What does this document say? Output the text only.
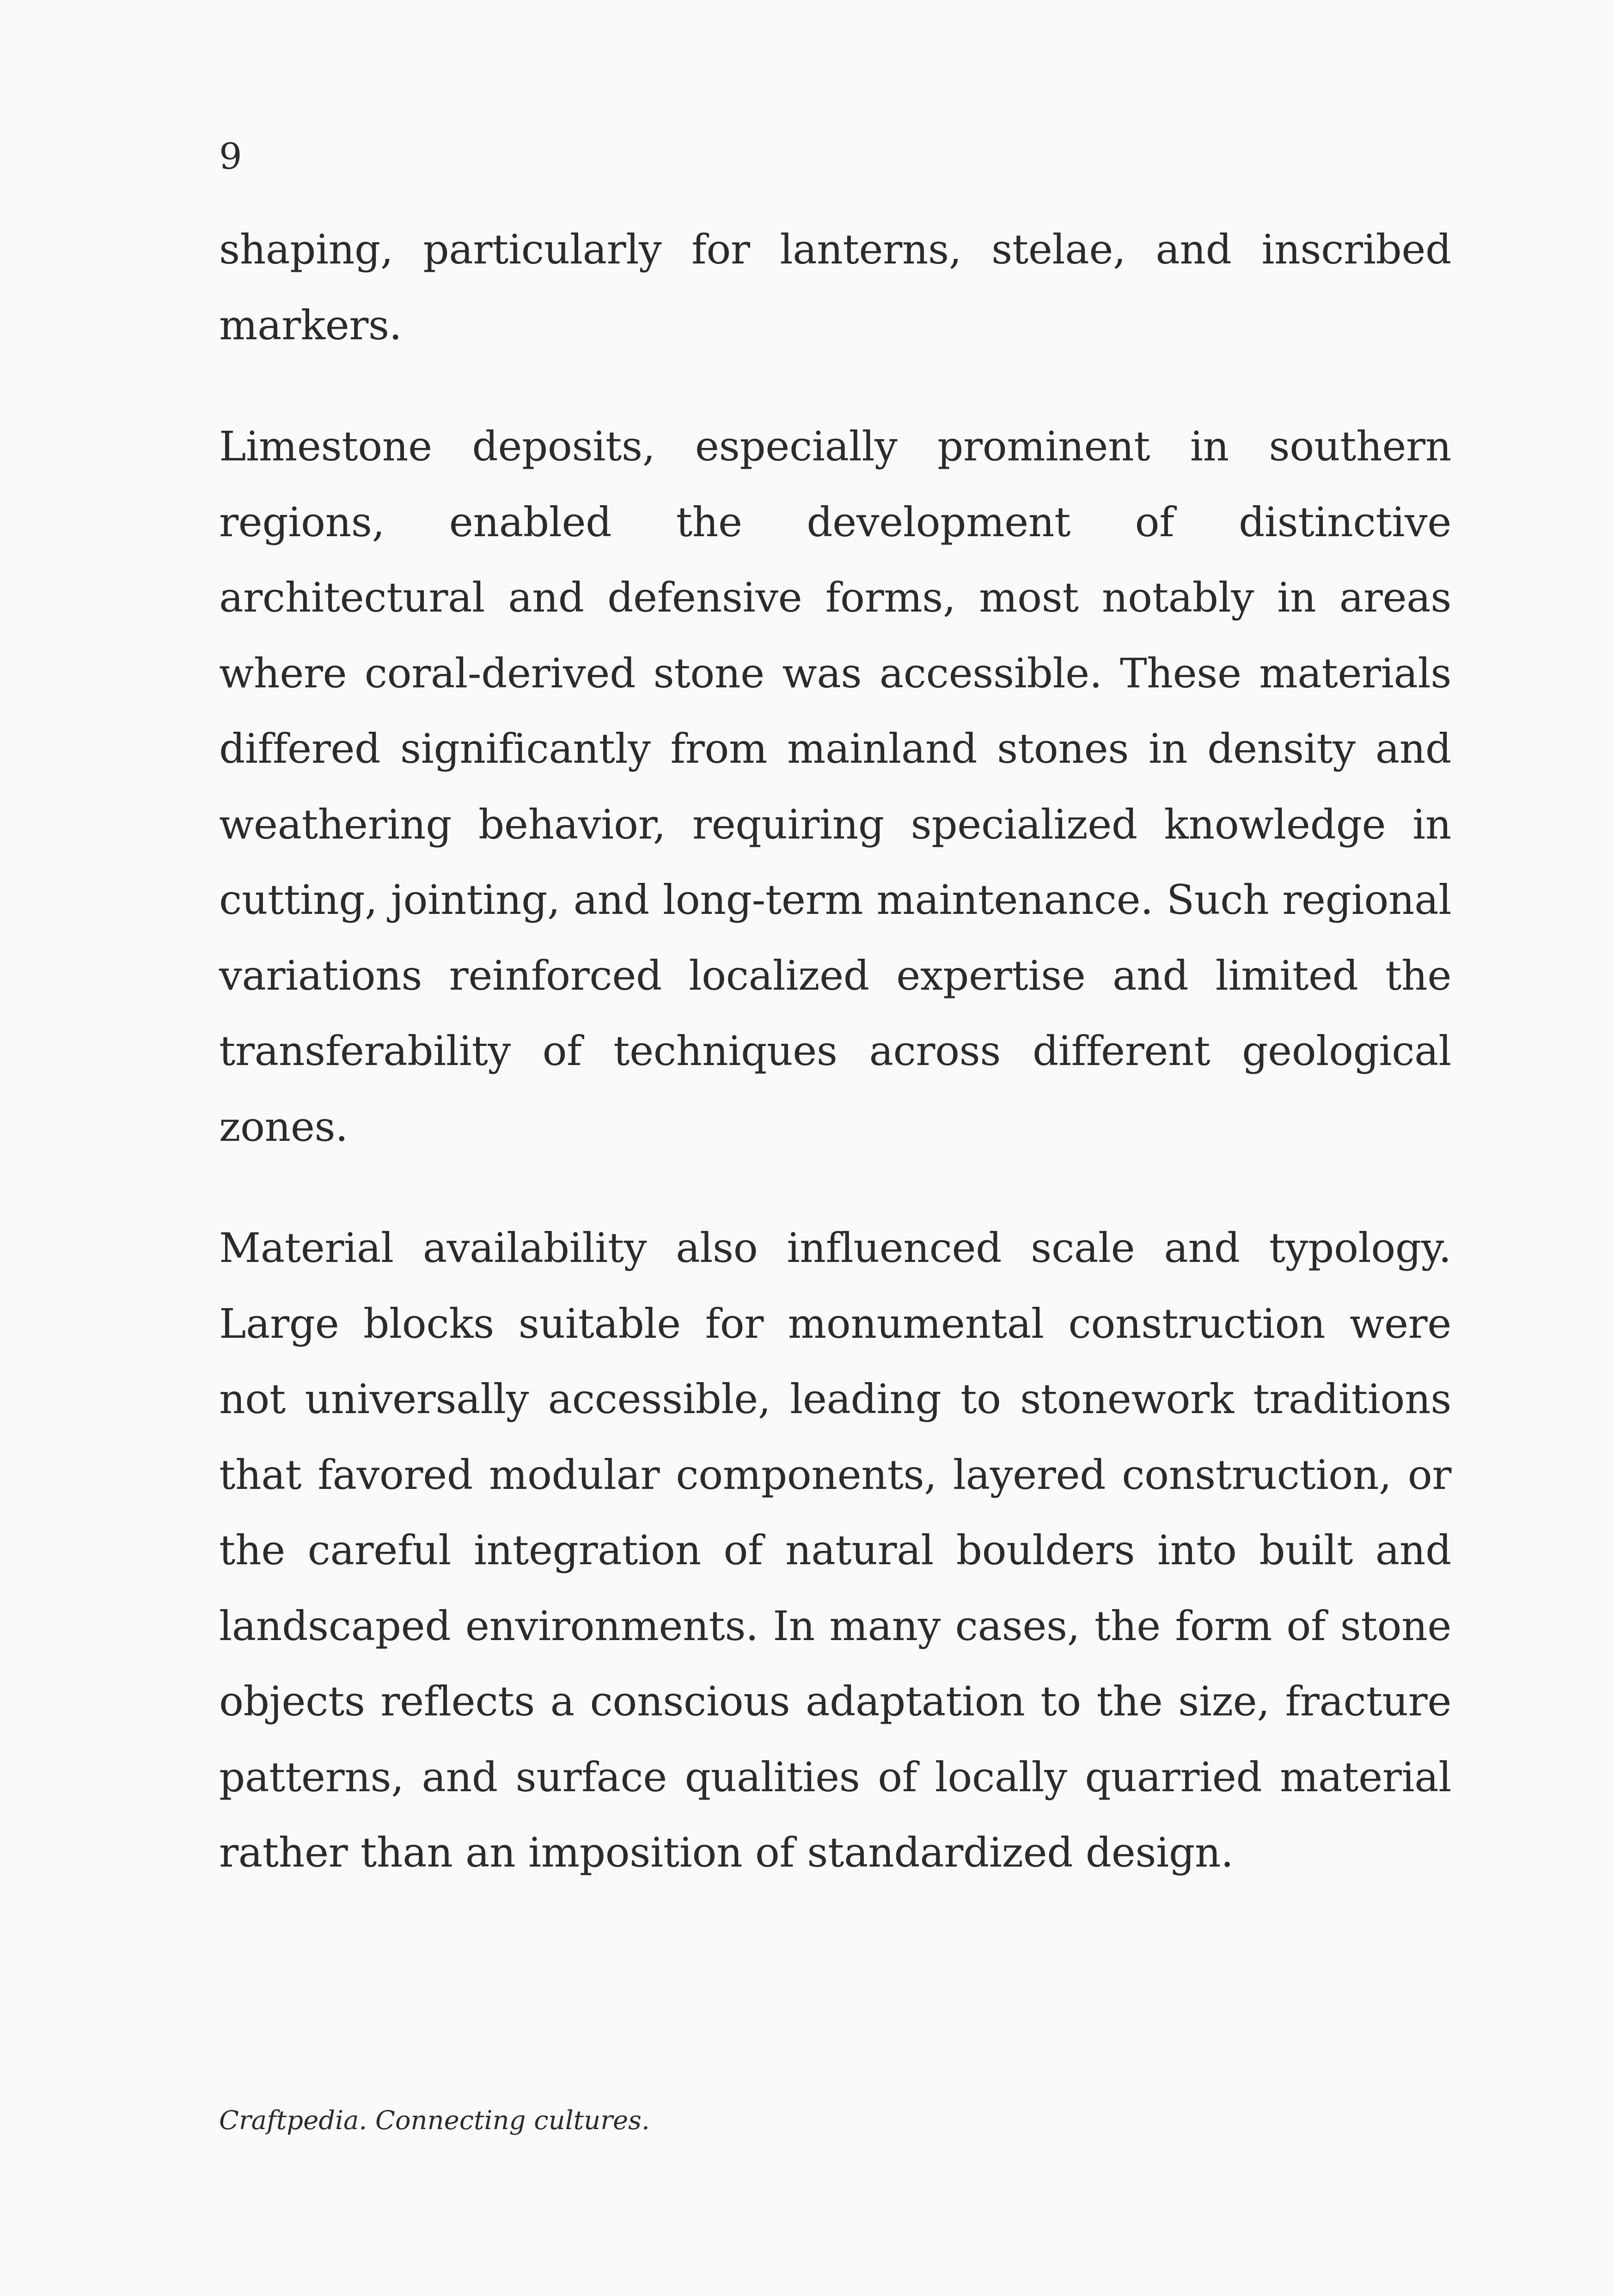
9

shaping, particularly for lanterns, stelae, and inscribed markers.

Limestone deposits, especially prominent in southern regions, enabled the development of distinctive architectural and defensive forms, most notably in areas where coral-derived stone was accessible. These materials differed significantly from mainland stones in density and weathering behavior, requiring specialized knowledge in cutting, jointing, and long-term maintenance. Such regional variations reinforced localized expertise and limited the transferability of techniques across different geological zones.

Material availability also influenced scale and typology. Large blocks suitable for monumental construction were not universally accessible, leading to stonework traditions that favored modular components, layered construction, or the careful integration of natural boulders into built and landscaped environments. In many cases, the form of stone objects reflects a conscious adaptation to the size, fracture patterns, and surface qualities of locally quarried material rather than an imposition of standardized design.

Craftpedia. Connecting cultures.
